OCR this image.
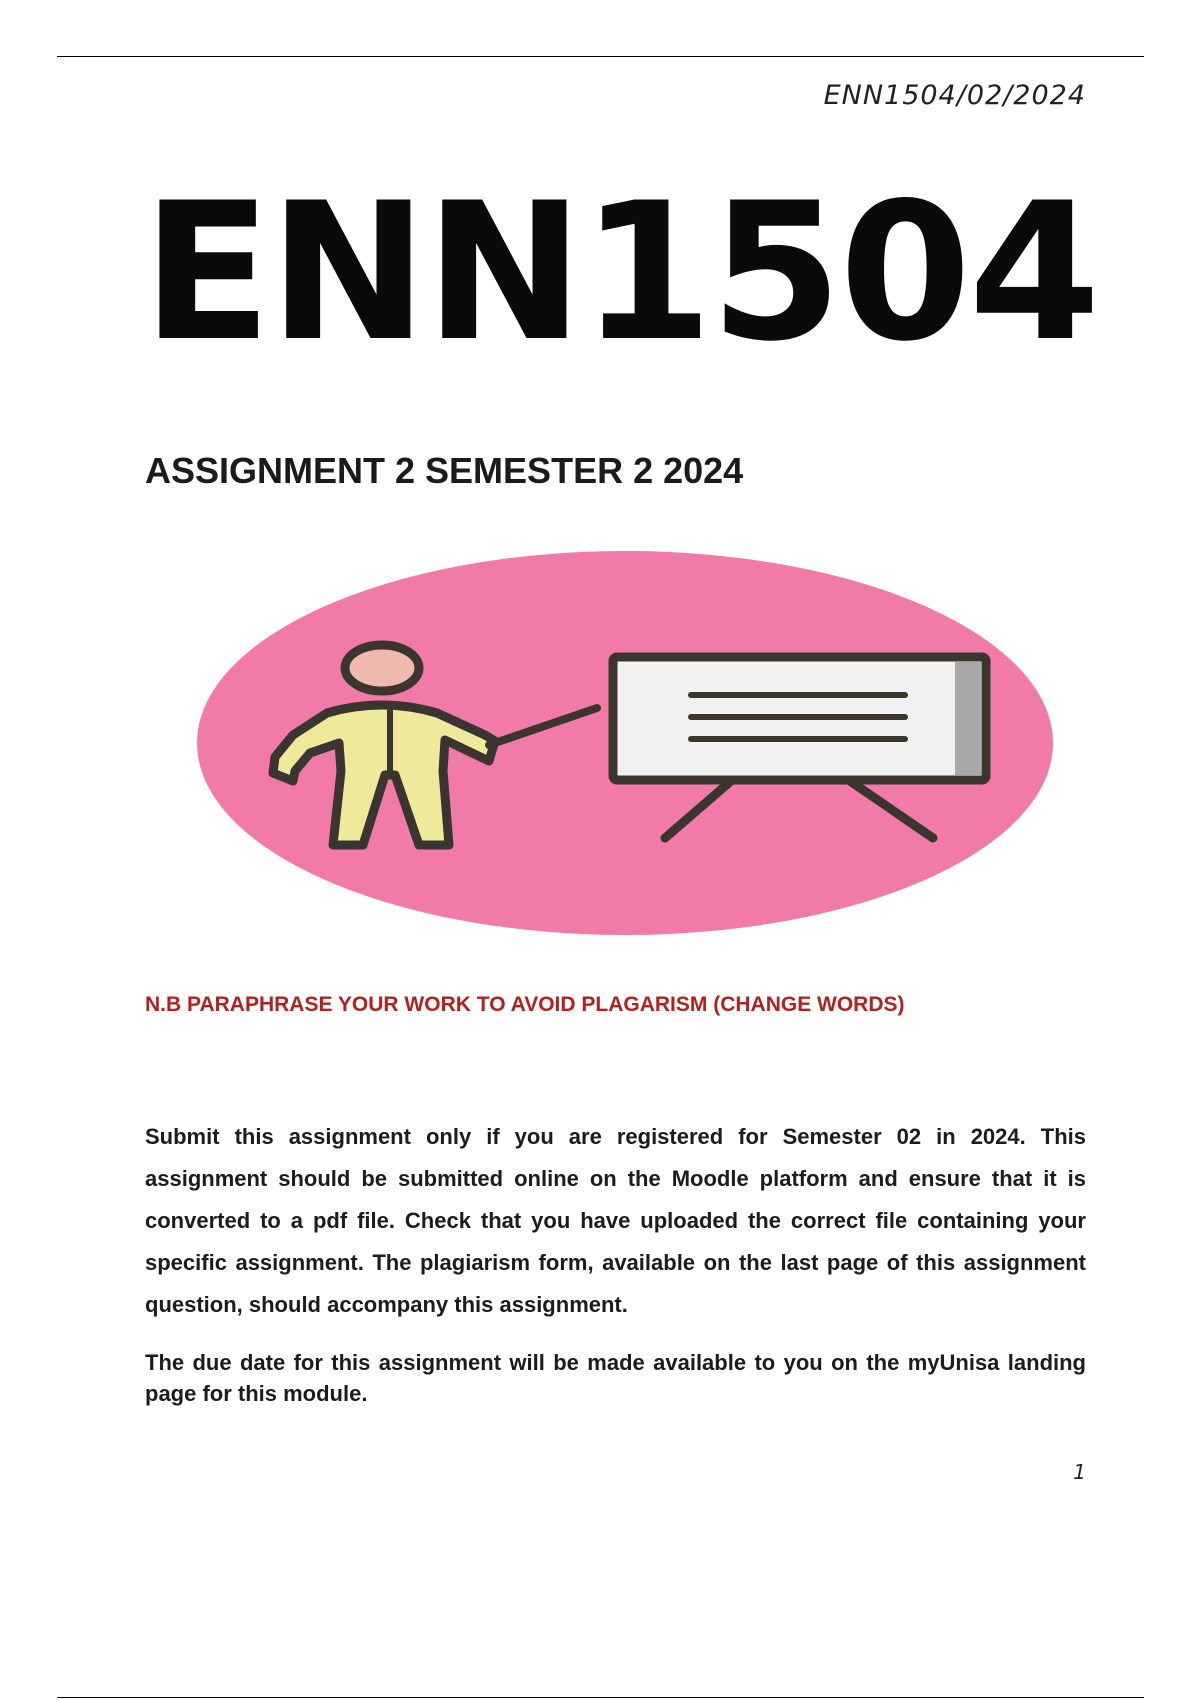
ENN1504/02/2024
ENN1504
ASSIGNMENT 2 SEMESTER 2 2024
N.B PARAPHRASE YOUR WORK TO AVOID PLAGARISM (CHANGE WORDS)

Submit this assignment only if you are registered for Semester 02 in 2024. This assignment should be submitted online on the Moodle platform and ensure that it is converted to a pdf file. Check that you have uploaded the correct file containing your specific assignment. The plagiarism form, available on the last page of this assignment question, should accompany this assignment.

The due date for this assignment will be made available to you on the myUnisa landing page for this module.

1
